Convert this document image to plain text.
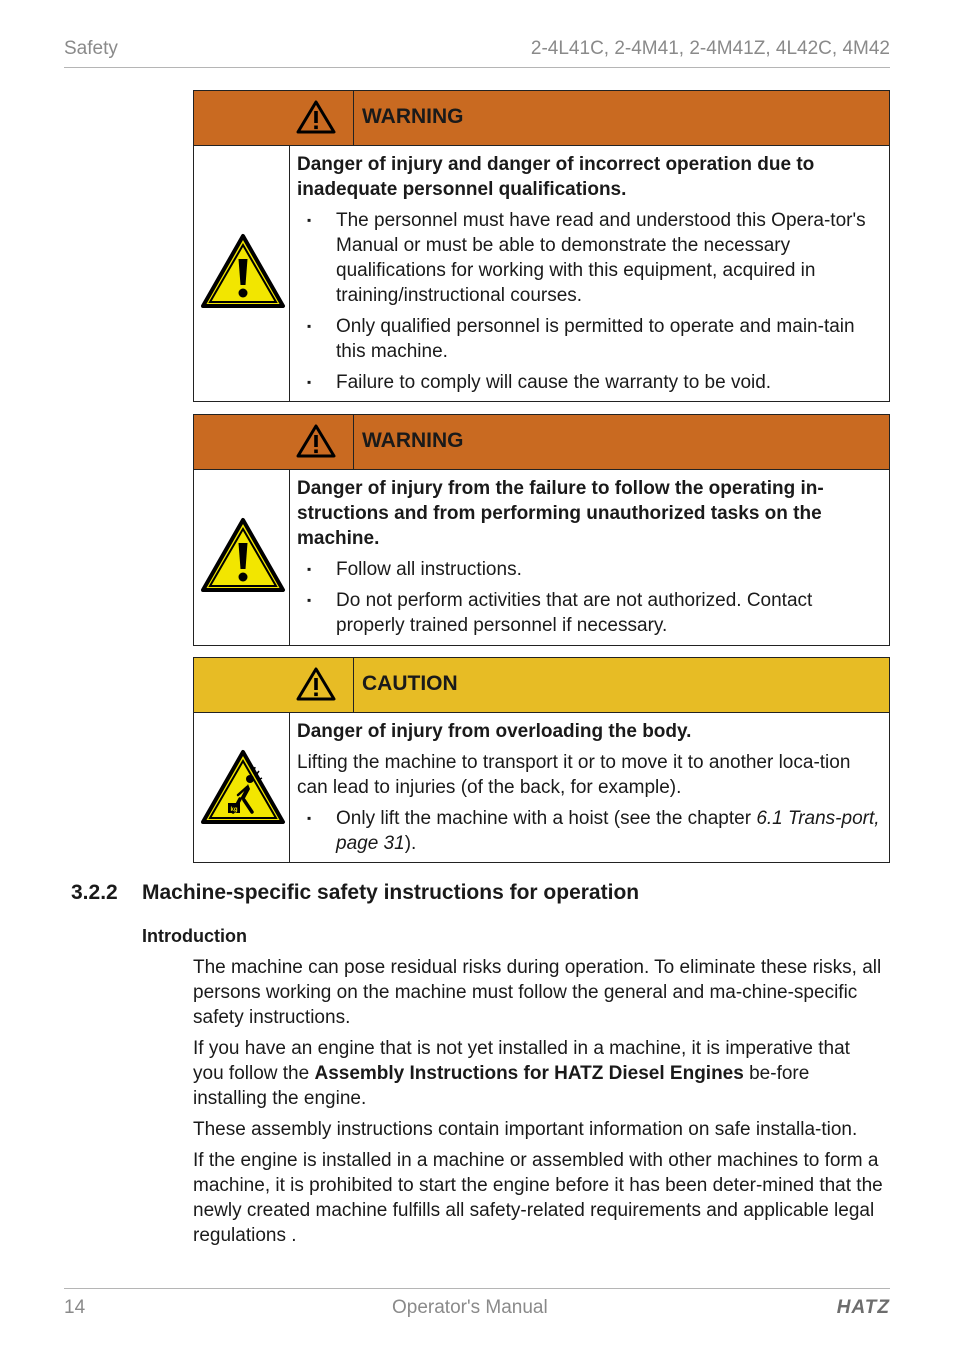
Safety	2-4L41C, 2-4M41, 2-4M41Z, 4L42C, 4M42
WARNING
Danger of injury and danger of incorrect operation due to inadequate personnel qualifications.
▪ The personnel must have read and understood this Opera-tor's Manual or must be able to demonstrate the necessary qualifications for working with this equipment, acquired in training/instructional courses.
▪ Only qualified personnel is permitted to operate and main-tain this machine.
▪ Failure to comply will cause the warranty to be void.
WARNING
Danger of injury from the failure to follow the operating in-structions and from performing unauthorized tasks on the machine.
▪ Follow all instructions.
▪ Do not perform activities that are not authorized. Contact properly trained personnel if necessary.
CAUTION
kg
Danger of injury from overloading the body.

Lifting the machine to transport it or to move it to another loca-tion can lead to injuries (of the back, for example).

▪ Only lift the machine with a hoist (see the chapter 6.1 Trans-port, page 31).
3.2.2 Machine-specific safety instructions for operation
Introduction

The machine can pose residual risks during operation. To eliminate these risks, all persons working on the machine must follow the general and ma-chine-specific safety instructions.

If you have an engine that is not yet installed in a machine, it is imperative that you follow the Assembly Instructions for HATZ Diesel Engines be-fore installing the engine.

These assembly instructions contain important information on safe installa-tion.

If the engine is installed in a machine or assembled with other machines to form a machine, it is prohibited to start the engine before it has been deter-mined that the newly created machine fulfills all safety-related requirements and applicable legal regulations .

14	Operator's Manual	HATZ
